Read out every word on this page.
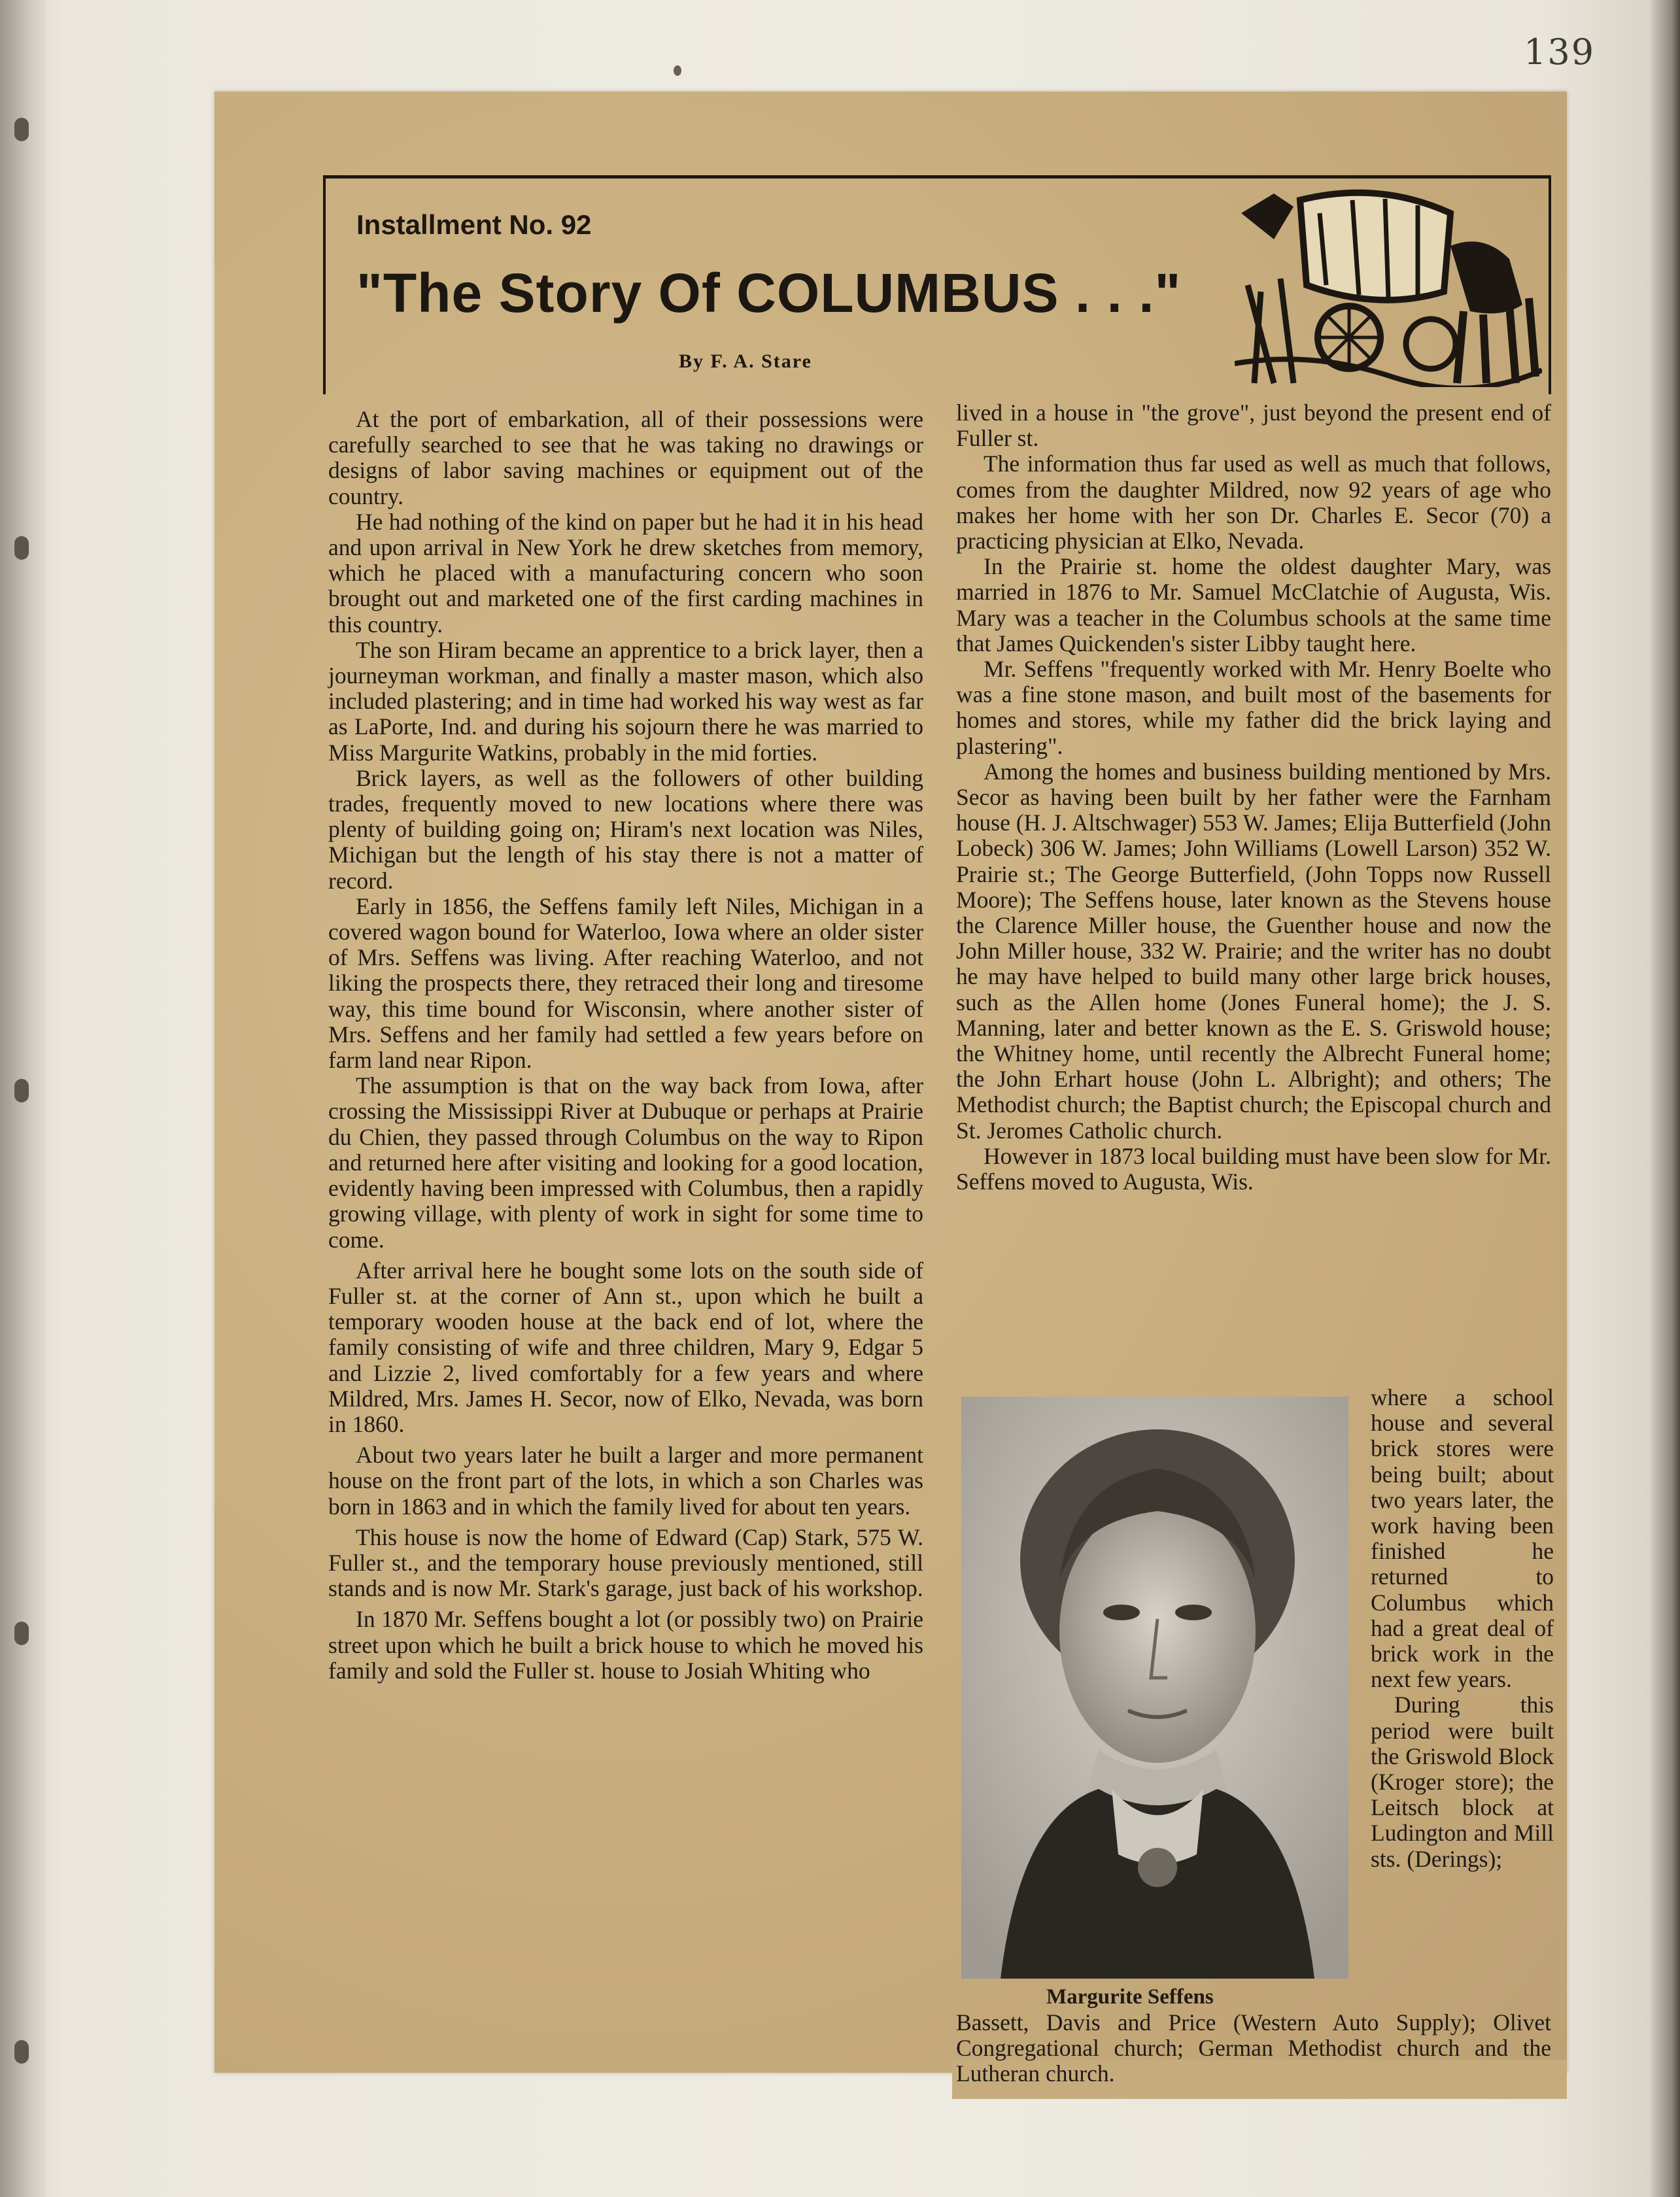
139
Installment No. 92
"The Story Of COLUMBUS . . ."
By F. A. Stare

At the port of embarkation, all of their possessions were carefully searched to see that he was taking no drawings or designs of labor saving machines or equipment out of the country.

He had nothing of the kind on paper but he had it in his head and upon arrival in New York he drew sketches from memory, which he placed with a manufacturing concern who soon brought out and marketed one of the first carding machines in this country.

The son Hiram became an apprentice to a brick layer, then a journeyman workman, and finally a master mason, which also included plastering; and in time had worked his way west as far as LaPorte, Ind. and during his sojourn there he was married to Miss Margurite Watkins, probably in the mid forties.

Brick layers, as well as the followers of other building trades, frequently moved to new locations where there was plenty of building going on; Hiram's next location was Niles, Michigan but the length of his stay there is not a matter of record.

Early in 1856, the Seffens family left Niles, Michigan in a covered wagon bound for Waterloo, Iowa where an older sister of Mrs. Seffens was living. After reaching Waterloo, and not liking the prospects there, they retraced their long and tiresome way, this time bound for Wisconsin, where another sister of Mrs. Seffens and her family had settled a few years before on farm land near Ripon.

The assumption is that on the way back from Iowa, after crossing the Mississippi River at Dubuque or perhaps at Prairie du Chien, they passed through Columbus on the way to Ripon and returned here after visiting and looking for a good location, evidently having been impressed with Columbus, then a rapidly growing village, with plenty of work in sight for some time to come.

After arrival here he bought some lots on the south side of Fuller st. at the corner of Ann st., upon which he built a temporary wooden house at the back end of lot, where the family consisting of wife and three children, Mary 9, Edgar 5 and Lizzie 2, lived comfortably for a few years and where Mildred, Mrs. James H. Secor, now of Elko, Nevada, was born in 1860.

About two years later he built a larger and more permanent house on the front part of the lots, in which a son Charles was born in 1863 and in which the family lived for about ten years.

This house is now the home of Edward (Cap) Stark, 575 W. Fuller st., and the temporary house previously mentioned, still stands and is now Mr. Stark's garage, just back of his workshop.

In 1870 Mr. Seffens bought a lot (or possibly two) on Prairie street upon which he built a brick house to which he moved his family and sold the Fuller st. house to Josiah Whiting who

lived in a house in "the grove", just beyond the present end of Fuller st.

The information thus far used as well as much that follows, comes from the daughter Mildred, now 92 years of age who makes her home with her son Dr. Charles E. Secor (70) a practicing physician at Elko, Nevada.

In the Prairie st. home the oldest daughter Mary, was married in 1876 to Mr. Samuel McClatchie of Augusta, Wis. Mary was a teacher in the Columbus schools at the same time that James Quickenden's sister Libby taught here.

Mr. Seffens "frequently worked with Mr. Henry Boelte who was a fine stone mason, and built most of the basements for homes and stores, while my father did the brick laying and plastering".

Among the homes and business building mentioned by Mrs. Secor as having been built by her father were the Farnham house (H. J. Altschwager) 553 W. James; Elija Butterfield (John Lobeck) 306 W. James; John Williams (Lowell Larson) 352 W. Prairie st.; The George Butterfield, (John Topps now Russell Moore); The Seffens house, later known as the Stevens house the Clarence Miller house, the Guenther house and now the John Miller house, 332 W. Prairie; and the writer has no doubt he may have helped to build many other large brick houses, such as the Allen home (Jones Funeral home); the J. S. Manning, later and better known as the E. S. Griswold house; the Whitney home, until recently the Albrecht Funeral home; the John Erhart house (John L. Albright); and others; The Methodist church; the Baptist church; the Episcopal church and St. Jeromes Catholic church.

However in 1873 local building must have been slow for Mr. Seffens moved to Augusta, Wis.

Margurite Seffens

where a school house and several brick stores were being built; about two years later, the work having been finished he returned to Columbus which had a great deal of brick work in the next few years.

During this period were built the Griswold Block (Kroger store); the Leitsch block at Ludington and Mill sts. (Derings);

Bassett, Davis and Price (Western Auto Supply); Olivet Congregational church; German Methodist church and the Lutheran church.
